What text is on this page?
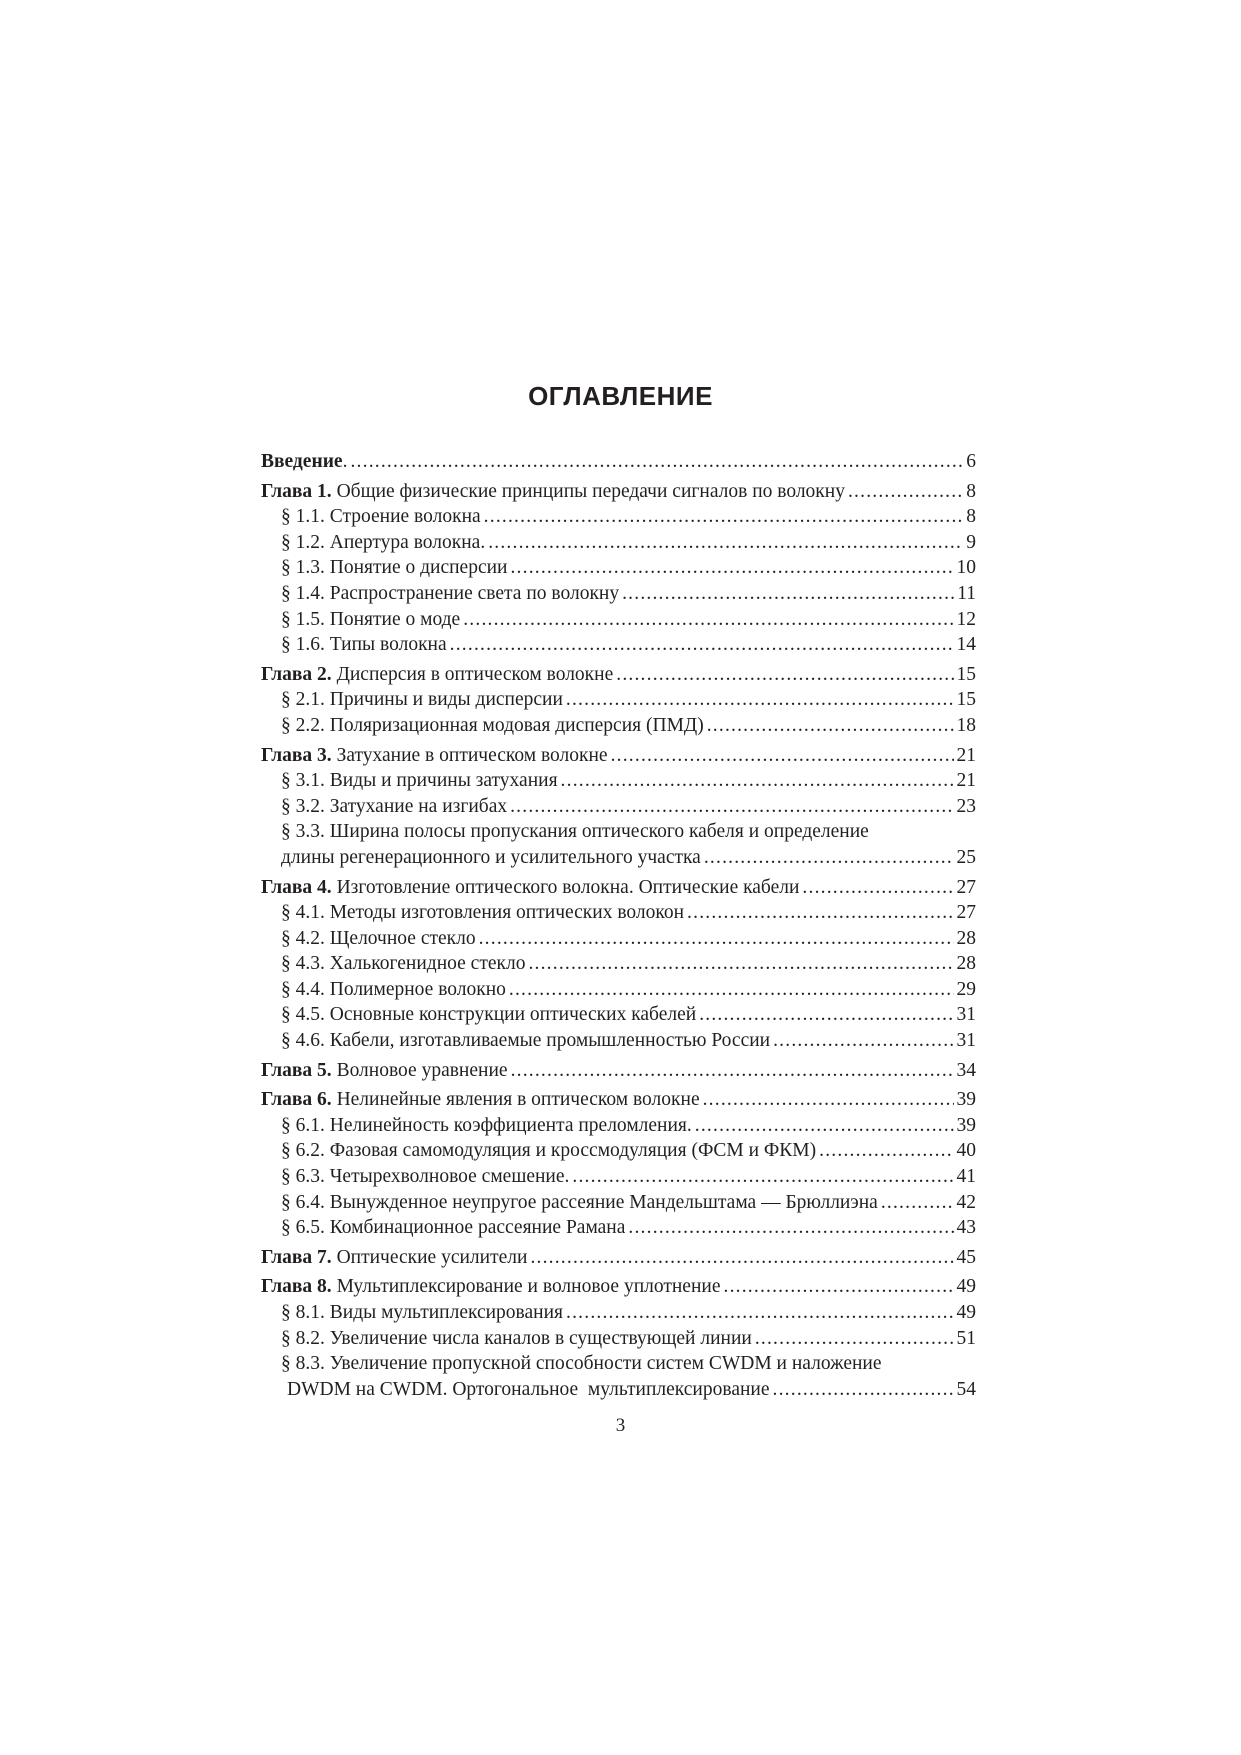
ОГЛАВЛЕНИЕ
Введение. .....	6
Глава 1. Общие физические принципы передачи сигналов по волокну .....	8
§ 1.1. Строение волокна .....	8
§ 1.2. Апертура волокна. .....	9
§ 1.3. Понятие о дисперсии .....	10
§ 1.4. Распространение света по волокну .....	11
§ 1.5. Понятие о моде .....	12
§ 1.6. Типы волокна .....	14
Глава 2. Дисперсия в оптическом волокне .....	15
§ 2.1. Причины и виды дисперсии .....	15
§ 2.2. Поляризационная модовая дисперсия (ПМД) .....	18
Глава 3. Затухание в оптическом волокне .....	21
§ 3.1. Виды и причины затухания .....	21
§ 3.2. Затухание на изгибах .....	23
§ 3.3. Ширина полосы пропускания оптического кабеля и определение
длины регенерационного и усилительного участка .....	25
Глава 4. Изготовление оптического волокна. Оптические кабели .....	27
§ 4.1. Методы изготовления оптических волокон .....	27
§ 4.2. Щелочное стекло .....	28
§ 4.3. Халькогенидное стекло .....	28
§ 4.4. Полимерное волокно .....	29
§ 4.5. Основные конструкции оптических кабелей .....	31
§ 4.6. Кабели, изготавливаемые промышленностью России .....	31
Глава 5. Волновое уравнение .....	34
Глава 6. Нелинейные явления в оптическом волокне .....	39
§ 6.1. Нелинейность коэффициента преломления. .....	39
§ 6.2. Фазовая самомодуляция и кроссмодуляция (ФСМ и ФКМ) .....	40
§ 6.3. Четырехволновое смешение. .....	41
§ 6.4. Вынужденное неупругое рассеяние Мандельштама — Брюллиэна .....	42
§ 6.5. Комбинационное рассеяние Рамана .....	43
Глава 7. Оптические усилители .....	45
Глава 8. Мультиплексирование и волновое уплотнение .....	49
§ 8.1. Виды мультиплексирования .....	49
§ 8.2. Увеличение числа каналов в существующей линии .....	51
§ 8.3. Увеличение пропускной способности систем CWDM и наложение
DWDM на CWDM. Ортогональное  мультиплексирование .....	54
3
